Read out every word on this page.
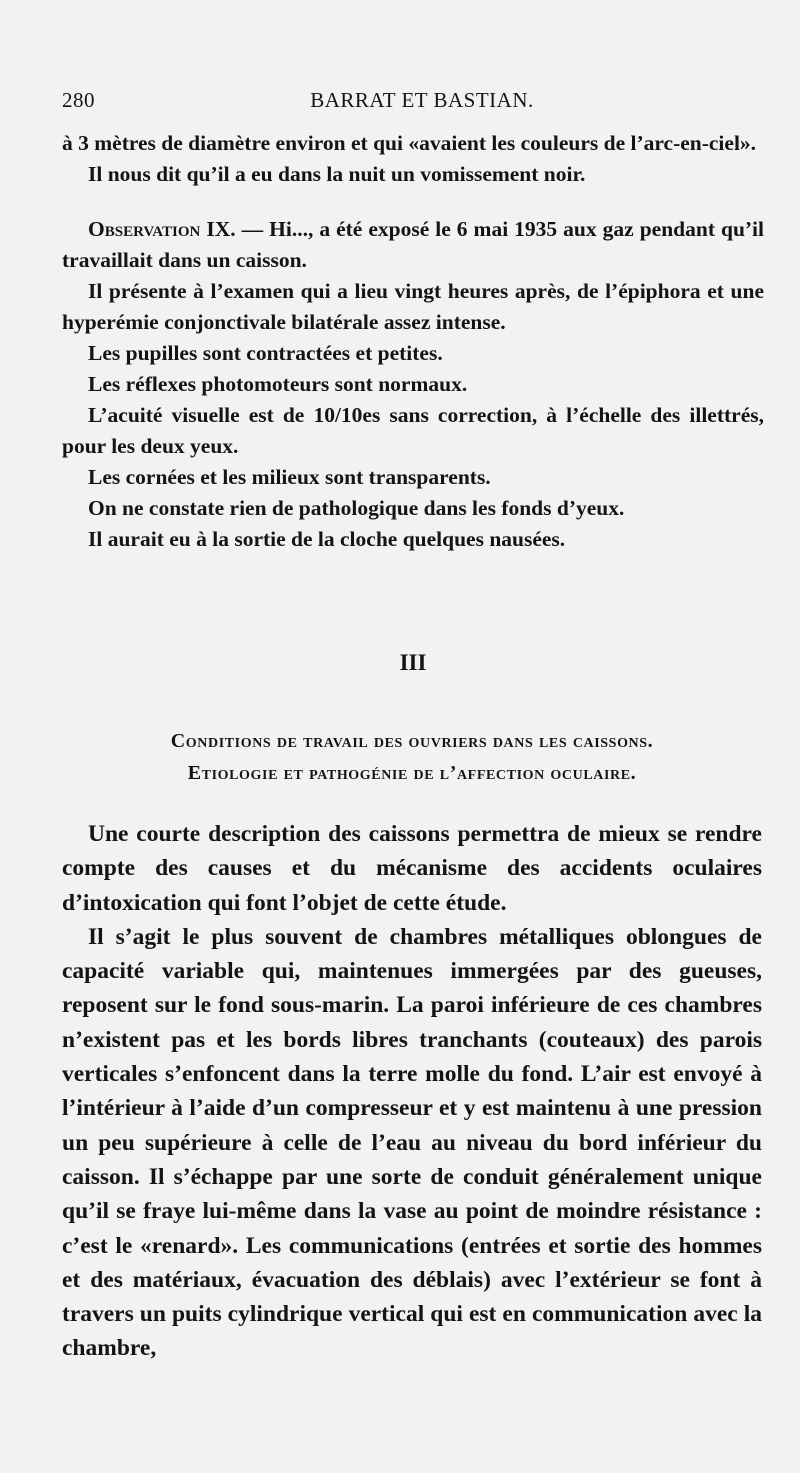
280	BARRAT ET BASTIAN.

à 3 mètres de diamètre environ et qui «avaient les couleurs de l’arc-en-ciel».

Il nous dit qu’il a eu dans la nuit un vomissement noir.

Observation IX. — Hi..., a été exposé le 6 mai 1935 aux gaz pendant qu’il travaillait dans un caisson.

Il présente à l’examen qui a lieu vingt heures après, de l’épiphora et une hyperémie conjonctivale bilatérale assez intense.

Les pupilles sont contractées et petites.

Les réflexes photomoteurs sont normaux.

L’acuité visuelle est de 10/10es sans correction, à l’échelle des illettrés, pour les deux yeux.

Les cornées et les milieux sont transparents.

On ne constate rien de pathologique dans les fonds d’yeux.

Il aurait eu à la sortie de la cloche quelques nausées.

III
Conditions de travail des ouvriers dans les caissons.
Etiologie et pathogénie de l’affection oculaire.

Une courte description des caissons permettra de mieux se rendre compte des causes et du mécanisme des accidents oculaires d’intoxication qui font l’objet de cette étude.

Il s’agit le plus souvent de chambres métalliques oblongues de capacité variable qui, maintenues immergées par des gueuses, reposent sur le fond sous-marin. La paroi inférieure de ces chambres n’existent pas et les bords libres tranchants (couteaux) des parois verticales s’enfoncent dans la terre molle du fond. L’air est envoyé à l’intérieur à l’aide d’un compresseur et y est maintenu à une pression un peu supérieure à celle de l’eau au niveau du bord inférieur du caisson. Il s’échappe par une sorte de conduit généralement unique qu’il se fraye lui-même dans la vase au point de moindre résistance : c’est le «renard». Les communications (entrées et sortie des hommes et des matériaux, évacuation des déblais) avec l’extérieur se font à travers un puits cylindrique vertical qui est en communication avec la chambre,
